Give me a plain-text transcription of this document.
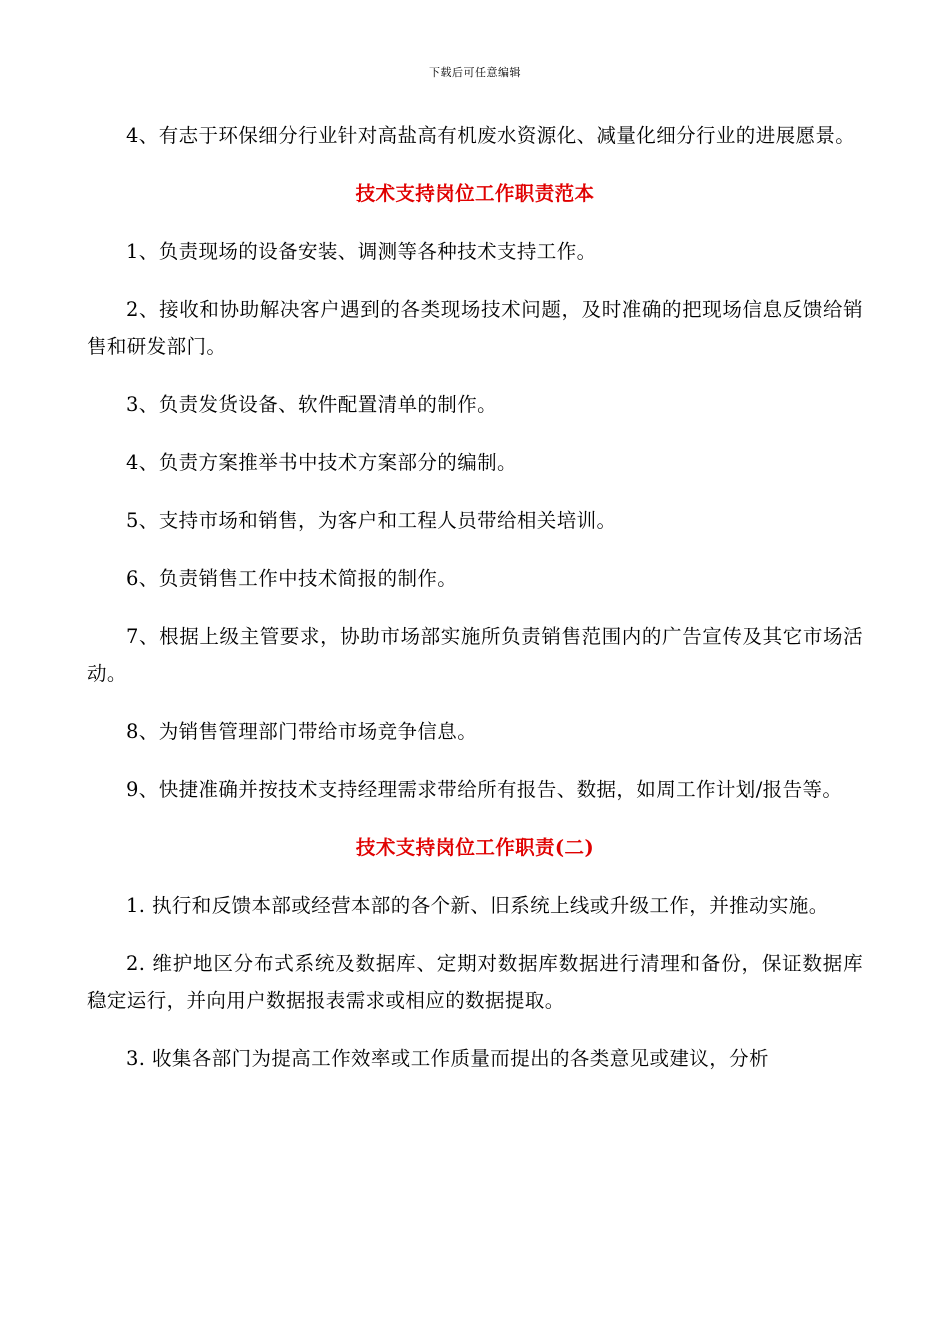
下载后可任意编辑

4、有志于环保细分行业针对高盐高有机废水资源化、减量化细分行业的进展愿景。

技术支持岗位工作职责范本

1、负责现场的设备安装、调测等各种技术支持工作。

2、接收和协助解决客户遇到的各类现场技术问题，及时准确的把现场信息反馈给销售和研发部门。

3、负责发货设备、软件配置清单的制作。

4、负责方案推举书中技术方案部分的编制。

5、支持市场和销售，为客户和工程人员带给相关培训。

6、负责销售工作中技术简报的制作。

7、根据上级主管要求，协助市场部实施所负责销售范围内的广告宣传及其它市场活动。

8、为销售管理部门带给市场竞争信息。

9、快捷准确并按技术支持经理需求带给所有报告、数据，如周工作计划/报告等。

技术支持岗位工作职责(二)

1. 执行和反馈本部或经营本部的各个新、旧系统上线或升级工作，并推动实施。

2. 维护地区分布式系统及数据库、定期对数据库数据进行清理和备份，保证数据库稳定运行，并向用户数据报表需求或相应的数据提取。

3. 收集各部门为提高工作效率或工作质量而提出的各类意见或建议，分析
